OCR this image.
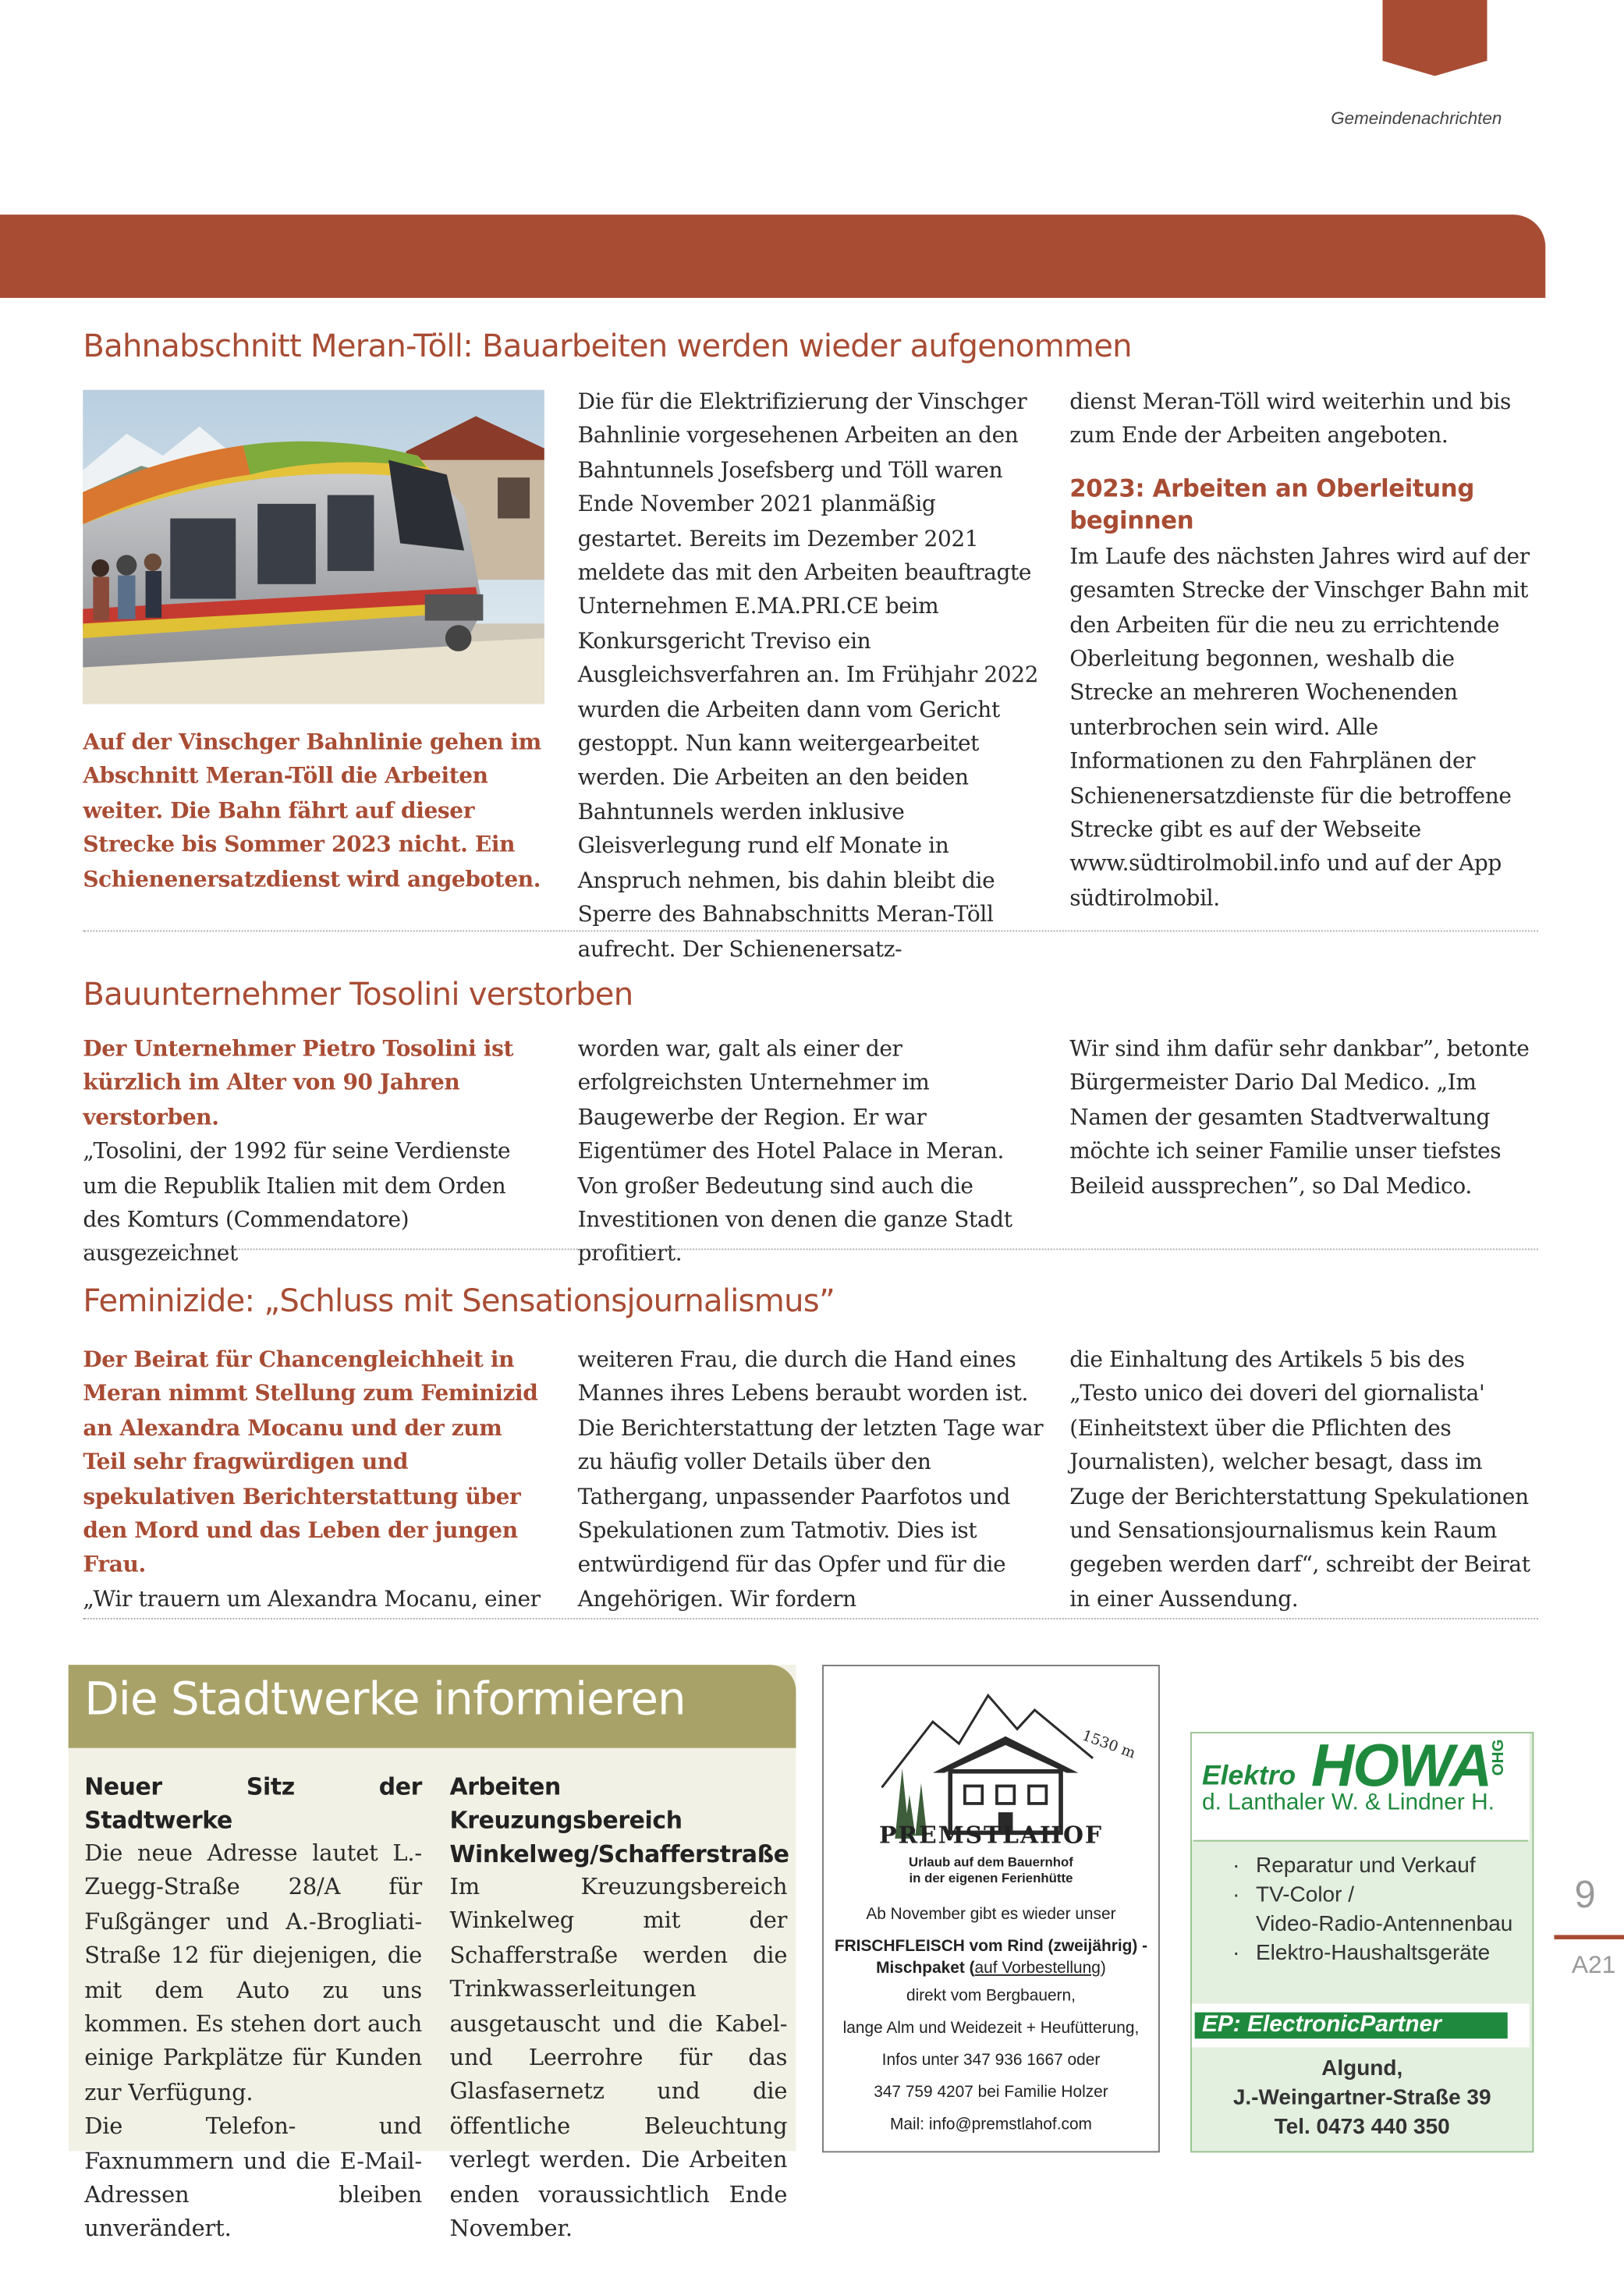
Gemeindenachrichten
Bahnabschnitt Meran-Töll: Bauarbeiten werden wieder aufgenommen
Auf der Vinschger Bahnlinie gehen im Abschnitt Meran-Töll die Arbeiten weiter. Die Bahn fährt auf dieser Strecke bis Sommer 2023 nicht. Ein Schienenersatzdienst wird angeboten.
Die für die Elektrifizierung der Vinschger Bahnlinie vorgesehenen Arbeiten an den Bahntunnels Josefsberg und Töll waren Ende November 2021 planmäßig gestartet. Bereits im Dezember 2021 meldete das mit den Arbeiten beauftragte Unternehmen E.MA.PRI.CE beim Konkursgericht Treviso ein Ausgleichsverfahren an. Im Frühjahr 2022 wurden die Arbeiten dann vom Gericht gestoppt. Nun kann weitergearbeitet werden. Die Arbeiten an den beiden Bahntunnels werden inklusive Gleisverlegung rund elf Monate in Anspruch nehmen, bis dahin bleibt die Sperre des Bahnabschnitts Meran-Töll aufrecht. Der Schienenersatz-

dienst Meran-Töll wird weiterhin und bis zum Ende der Arbeiten angeboten.

2023: Arbeiten an Oberleitung beginnen

Im Laufe des nächsten Jahres wird auf der gesamten Strecke der Vinschger Bahn mit den Arbeiten für die neu zu errichtende Oberleitung begonnen, weshalb die Strecke an mehreren Wochenenden unterbrochen sein wird. Alle Informationen zu den Fahrplänen der Schienenersatzdienste für die betroffene Strecke gibt es auf der Webseite www.südtirolmobil.info und auf der App südtirolmobil.

Bauunternehmer Tosolini verstorben

Der Unternehmer Pietro Tosolini ist kürzlich im Alter von 90 Jahren verstorben.

„Tosolini, der 1992 für seine Verdienste um die Republik Italien mit dem Orden des Komturs (Commendatore) ausgezeichnet

worden war, galt als einer der erfolgreichsten Unternehmer im Baugewerbe der Region. Er war Eigentümer des Hotel Palace in Meran. Von großer Bedeutung sind auch die Investitionen von denen die ganze Stadt profitiert.
Wir sind ihm dafür sehr dankbar”, betonte Bürgermeister Dario Dal Medico. „Im Namen der gesamten Stadtverwaltung möchte ich seiner Familie unser tiefstes Beileid aussprechen”, so Dal Medico.
Feminizide: „Schluss mit Sensationsjournalismus”

Der Beirat für Chancengleichheit in Meran nimmt Stellung zum Feminizid an Alexandra Mocanu und der zum Teil sehr fragwürdigen und spekulativen Berichterstattung über den Mord und das Leben der jungen Frau.

„Wir trauern um Alexandra Mocanu, einer

weiteren Frau, die durch die Hand eines Mannes ihres Lebens beraubt worden ist. Die Berichterstattung der letzten Tage war zu häufig voller Details über den Tathergang, unpassender Paarfotos und Spekulationen zum Tatmotiv. Dies ist entwürdigend für das Opfer und für die Angehörigen. Wir fordern
die Einhaltung des Artikels 5 bis des „Testo unico dei doveri del giornalista' (Einheitstext über die Pflichten des Journalisten), welcher besagt, dass im Zuge der Berichterstattung Spekulationen und Sensationsjournalismus kein Raum gegeben werden darf“, schreibt der Beirat in einer Aussendung.
Die Stadtwerke informieren
Neuer Sitz der Stadtwerke

Die neue Adresse lautet L.-Zuegg-Straße 28/A für Fußgänger und A.-Brogliati-Straße 12 für diejenigen, die mit dem Auto zu uns kommen. Es stehen dort auch einige Parkplätze für Kunden zur Verfügung.

Die Telefon- und Faxnummern und die E-Mail-Adressen bleiben unverändert.

Arbeiten Kreuzungsbereich Winkelweg/Schafferstraße

Im Kreuzungsbereich Winkelweg mit der Schafferstraße werden die Trinkwasserleitungen ausgetauscht und die Kabel- und Leerrohre für das Glasfasernetz und die öffentliche Beleuchtung verlegt werden. Die Arbeiten enden voraussichtlich Ende November.

1530 m
PREMSTLAHOF
Urlaub auf dem Bauernhof
in der eigenen Ferienhütte
Ab November gibt es wieder unser
FRISCHFLEISCH vom Rind (zweijährig) -
Mischpaket (auf Vorbestellung)
direkt vom Bergbauern,
lange Alm und Weidezeit + Heufütterung,
Infos unter 347 936 1667 oder
347 759 4207 bei Familie Holzer
Mail: info@premstlahof.com
Elektro HOWA
OHG
d. Lanthaler W. & Lindner H.
· Reparatur und Verkauf
· TV-Color /
Video-Radio-Antennenbau
· Elektro-Haushaltsgeräte
EP: ElectronicPartner
Algund,
J.-Weingartner-Straße 39
Tel. 0473 440 350
9
A21
